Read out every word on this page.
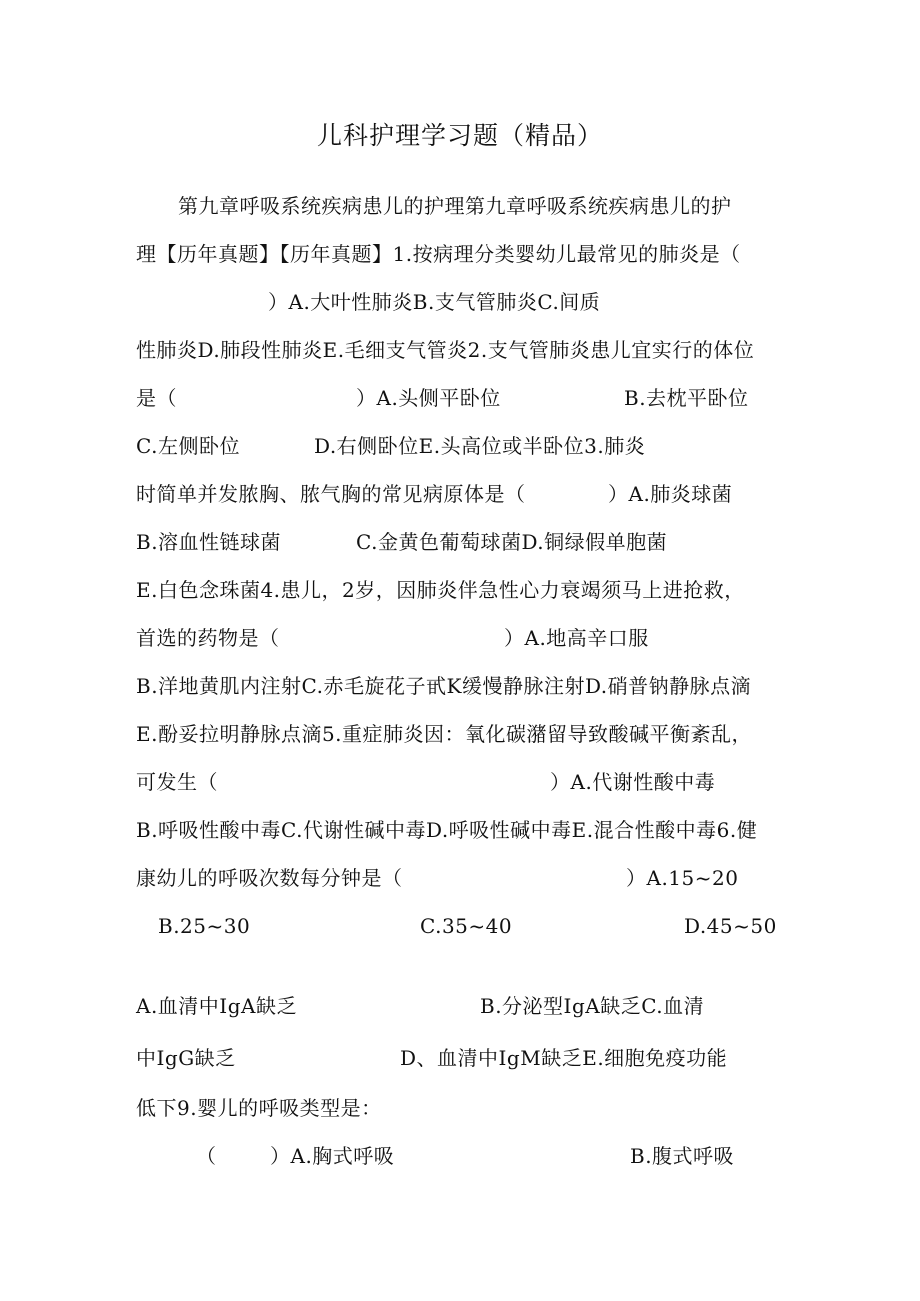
儿科护理学习题（精品）
第九章呼吸系统疾病患儿的护理第九章呼吸系统疾病患儿的护
理【历年真题】【历年真题】1.按病理分类婴幼儿最常见的肺炎是（
）A.大叶性肺炎B.支气管肺炎C.间质
性肺炎D.肺段性肺炎E.毛细支气管炎2.支气管肺炎患儿宜实行的体位
是（	）A.头侧平卧位	B.去枕平卧位
C.左侧卧位	D.右侧卧位E.头高位或半卧位3.肺炎
时简单并发脓胸、脓气胸的常见病原体是（	）A.肺炎球菌
B.溶血性链球菌	C.金黄色葡萄球菌D.铜绿假单胞菌
E.白色念珠菌4.患儿，2岁，因肺炎伴急性心力衰竭须马上进抢救，
首选的药物是（	）A.地高辛口服
B.洋地黄肌内注射C.赤毛旋花子甙K缓慢静脉注射D.硝普钠静脉点滴
E.酚妥拉明静脉点滴5.重症肺炎因：氧化碳潴留导致酸碱平衡紊乱，
可发生（	）A.代谢性酸中毒
B.呼吸性酸中毒C.代谢性碱中毒D.呼吸性碱中毒E.混合性酸中毒6.健
康幼儿的呼吸次数每分钟是（	）A.15~20
B.25~30	C.35~40	D.45~50
A.血清中IgA缺乏	B.分泌型IgA缺乏C.血清
中IgG缺乏	D、血清中IgM缺乏E.细胞免疫功能
低下9.婴儿的呼吸类型是：
（	）A.胸式呼吸	B.腹式呼吸
